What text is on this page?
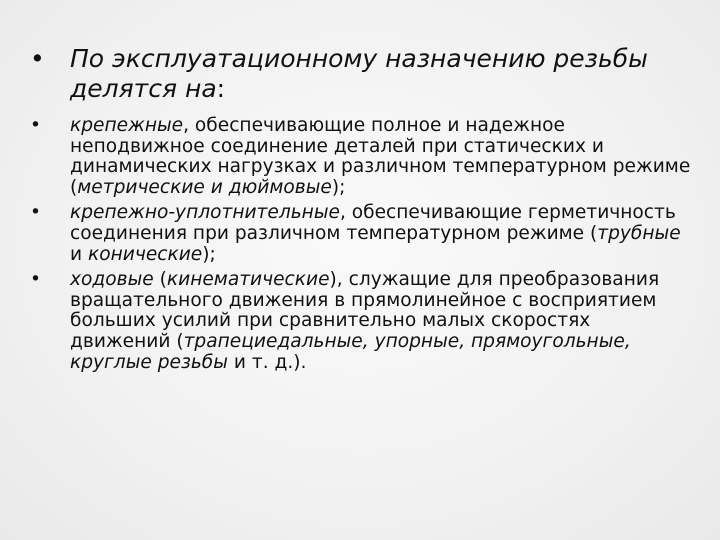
• По эксплуатационному назначению резьбы делятся на:
• крепежные, обеспечивающие полное и надежное неподвижное соединение деталей при статических и динамических нагрузках и различном температурном режиме (метрические и дюймовые);
• крепежно-уплотнительные, обеспечивающие герметичность соединения при различном температурном режиме (трубные и конические);
• ходовые (кинематические), служащие для преобразования вращательного движения в прямолинейное с восприятием больших усилий при сравнительно малых скоростях движений (трапециедальные, упорные, прямоугольные, круглые резьбы и т. д.).
